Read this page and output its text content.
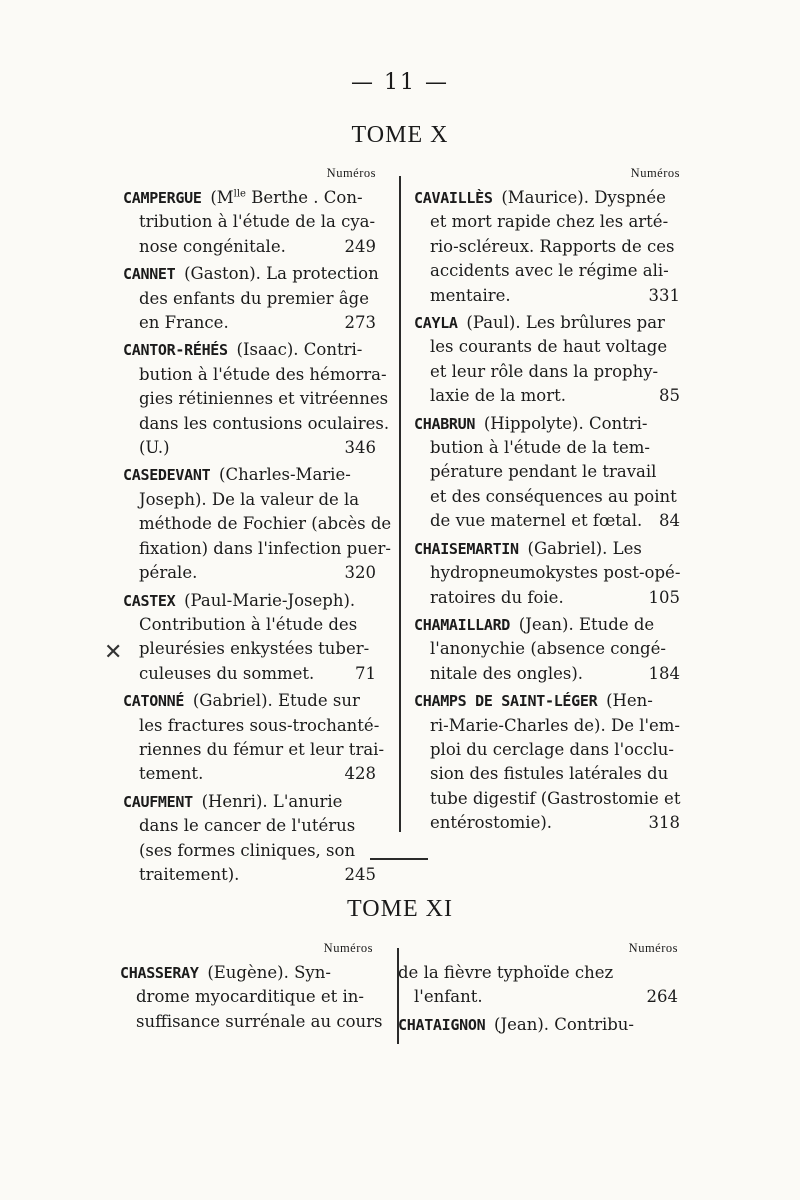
— 11 —
TOME X
Numéros
CAMPERGUE ($M^{lle}$ Berthe . Con-
tribution à l'étude de la cya-
nose congénitale.	249
CANNET (Gaston). La protection
des enfants du premier âge
en France.	273
CANTOR-RÉHÉS (Isaac). Contri-
bution à l'étude des hémorra-
gies rétiniennes et vitréennes
dans les contusions oculaires.
(U.)	346
CASEDEVANT (Charles-Marie-
Joseph). De la valeur de la
méthode de Fochier (abcès de
fixation) dans l'infection puer-
pérale.	320
CASTEX (Paul-Marie-Joseph).
Contribution à l'étude des
pleurésies enkystées tuber-
culeuses du sommet. 71
CATONNÉ (Gabriel). Etude sur
les fractures sous-trochanté-
riennes du fémur et leur trai-
tement.	428
CAUFMENT (Henri). L'anurie
dans le cancer de l'utérus
(ses formes cliniques, son
traitement).	245
Numéros
CAVAILLÈS (Maurice). Dyspnée
et mort rapide chez les arté-
rio-scléreux. Rapports de ces
accidents avec le régime ali-
mentaire.	331
CAYLA (Paul). Les brûlures par
les courants de haut voltage
et leur rôle dans la prophy-
laxie de la mort.	85
CHABRUN (Hippolyte). Contri-
bution à l'étude de la tem-
pérature pendant le travail
et des conséquences au point
de vue maternel et fœtal. 84
CHAISEMARTIN (Gabriel). Les
hydropneumokystes post-opé-
ratoires du foie.	105
CHAMAILLARD (Jean). Etude de
l'anonychie (absence congé-
nitale des ongles).	184
CHAMPS DE SAINT-LÉGER (Hen-
ri-Marie-Charles de). De l'em-
ploi du cerclage dans l'occlu-
sion des fistules latérales du
tube digestif (Gastrostomie et
entérostomie).	318
✕
TOME XI
Numéros
CHASSERAY (Eugène). Syn-
drome myocarditique et in-
suffisance surrénale au cours
Numéros
de la fièvre typhoïde chez
l'enfant.	264
CHATAIGNON (Jean). Contribu-
